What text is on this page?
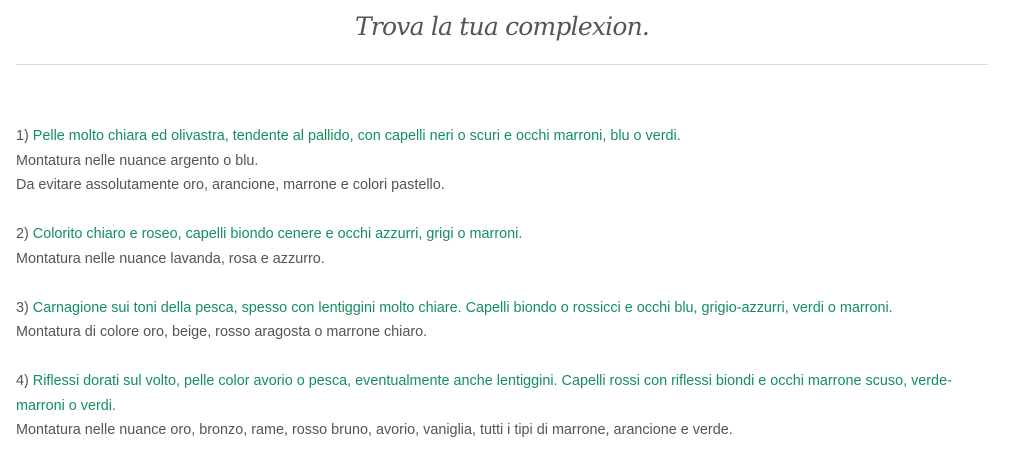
Trova la tua complexion.
1) Pelle molto chiara ed olivastra, tendente al pallido, con capelli neri o scuri e occhi marroni, blu o verdi.
Montatura nelle nuance argento o blu.
Da evitare assolutamente oro, arancione, marrone e colori pastello.
2) Colorito chiaro e roseo, capelli biondo cenere e occhi azzurri, grigi o marroni.
Montatura nelle nuance lavanda, rosa e azzurro.
3) Carnagione sui toni della pesca, spesso con lentiggini molto chiare. Capelli biondo o rossicci e occhi blu, grigio-azzurri, verdi o marroni.
Montatura di colore oro, beige, rosso aragosta o marrone chiaro.
4) Riflessi dorati sul volto, pelle color avorio o pesca, eventualmente anche lentiggini. Capelli rossi con riflessi biondi e occhi marrone scuso, verde-marroni o verdi.
Montatura nelle nuance oro, bronzo, rame, rosso bruno, avorio, vaniglia, tutti i tipi di marrone, arancione e verde.
